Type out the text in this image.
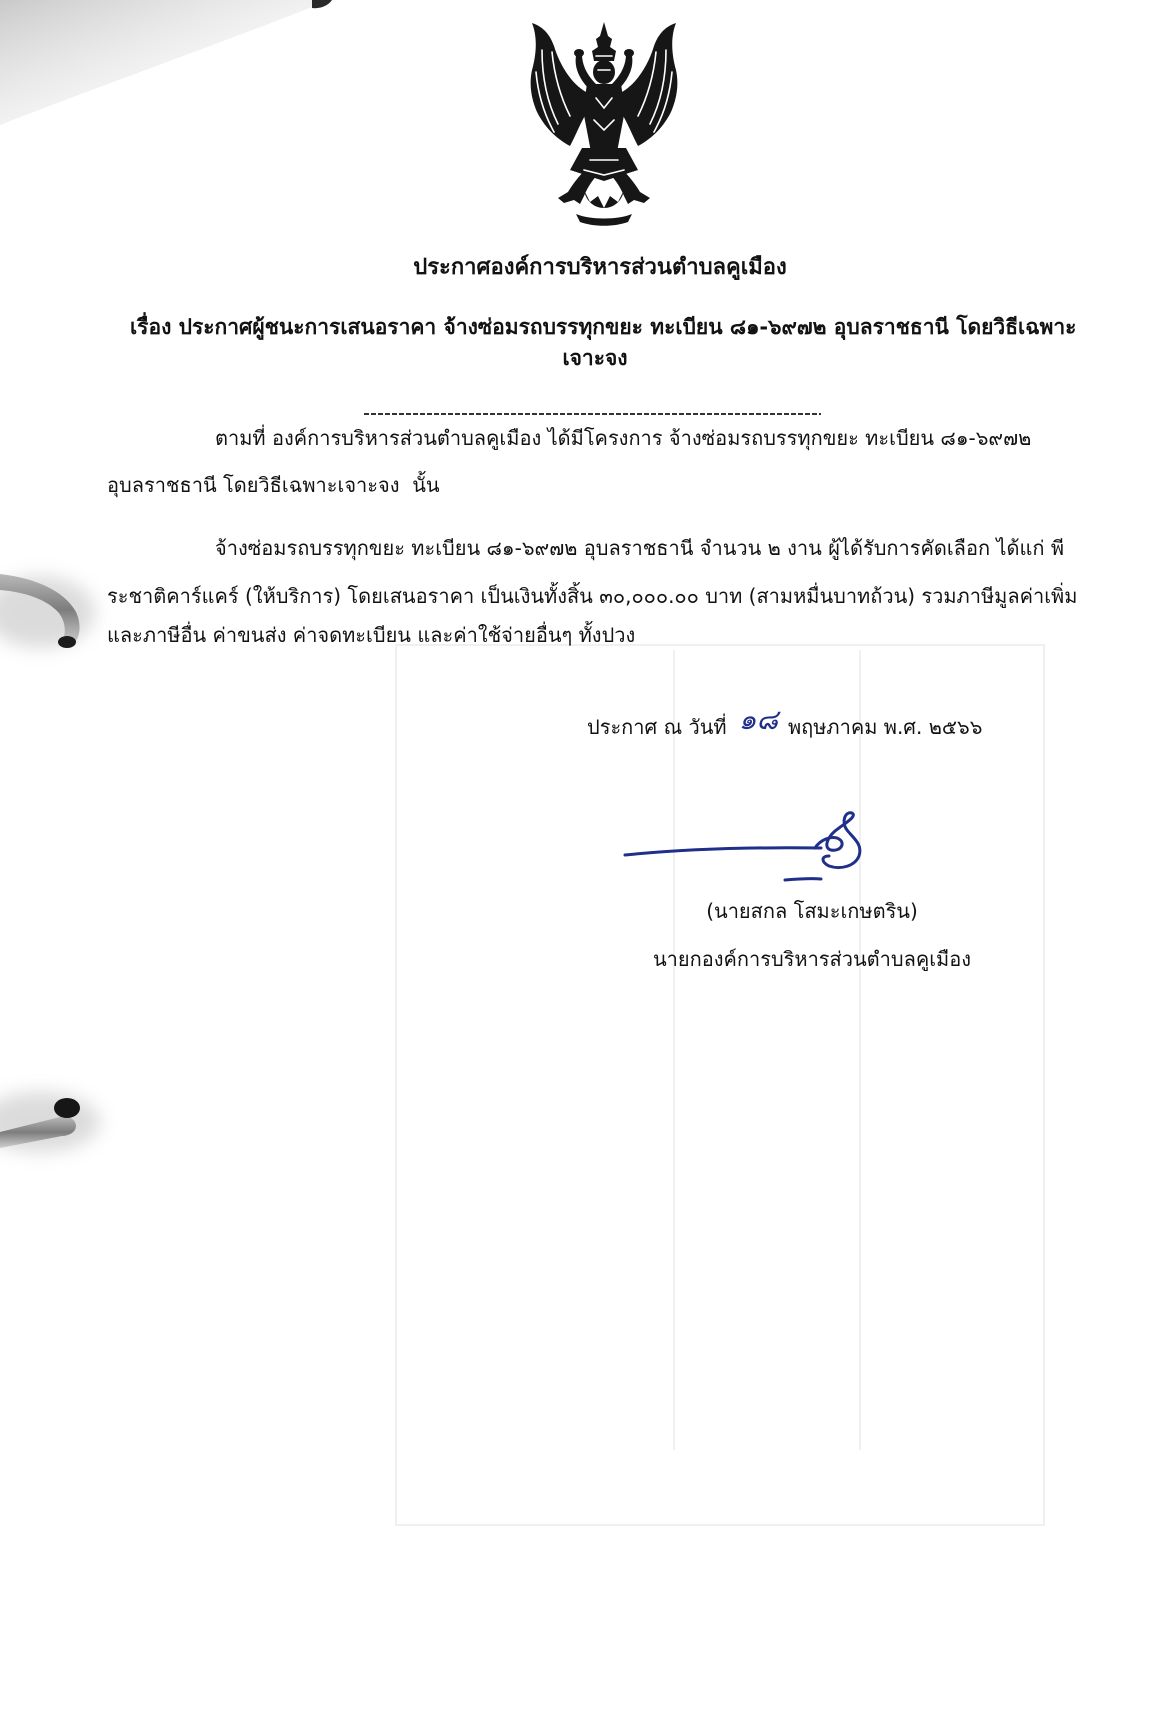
ประกาศองค์การบริหารส่วนตำบลคูเมือง
เรื่อง ประกาศผู้ชนะการเสนอราคา จ้างซ่อมรถบรรทุกขยะ ทะเบียน ๘๑-๖๙๗๒ อุบลราชธานี โดยวิธีเฉพาะ
เจาะจง
ตามที่ องค์การบริหารส่วนตำบลคูเมือง ได้มีโครงการ จ้างซ่อมรถบรรทุกขยะ ทะเบียน ๘๑-๖๙๗๒
อุบลราชธานี โดยวิธีเฉพาะเจาะจง  นั้น
จ้างซ่อมรถบรรทุกขยะ ทะเบียน ๘๑-๖๙๗๒ อุบลราชธานี จำนวน ๒ งาน ผู้ได้รับการคัดเลือก ได้แก่ พี
ระชาติคาร์แคร์ (ให้บริการ) โดยเสนอราคา เป็นเงินทั้งสิ้น ๓๐,๐๐๐.๐๐ บาท (สามหมื่นบาทถ้วน) รวมภาษีมูลค่าเพิ่ม
และภาษีอื่น ค่าขนส่ง ค่าจดทะเบียน และค่าใช้จ่ายอื่นๆ ทั้งปวง
ประกาศ ณ วันที่ ๑๘ พฤษภาคม พ.ศ. ๒๕๖๖
(นายสกล โสมะเกษตริน)
นายกองค์การบริหารส่วนตำบลคูเมือง
